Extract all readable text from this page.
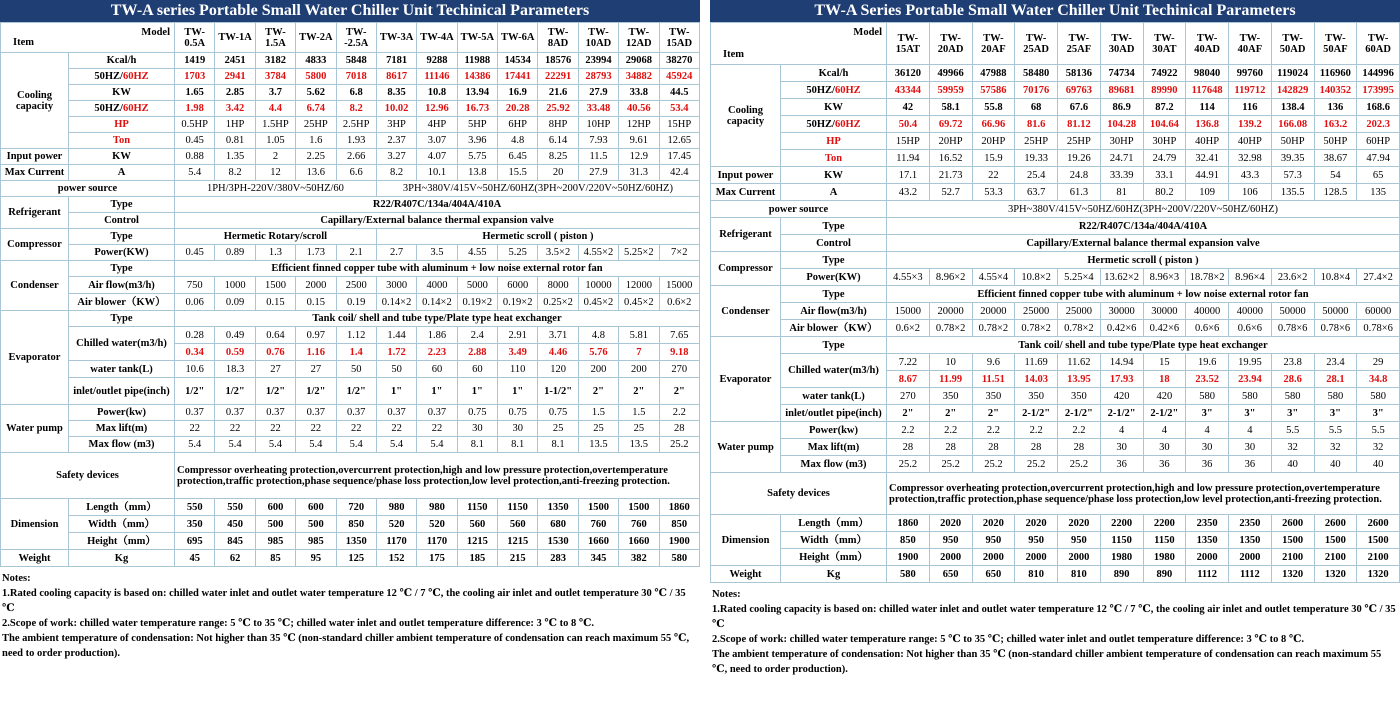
TW-A series Portable Small Water Chiller Unit Techinical Parameters
Item
Model		TW-0.5A	TW-1A	TW-1.5A	TW-2A	TW--2.5A	TW-3A	TW-4A	TW-5A	TW-6A	TW-8AD	TW-10AD	TW-12AD	TW-15AD
Cooling capacity	Kcal/h	1419	2451	3182	4833	5848	7181	9288	11988	14534	18576	23994	29068	38270
	50HZ/60HZ	1703	2941	3784	5800	7018	8617	11146	14386	17441	22291	28793	34882	45924
	KW	1.65	2.85	3.7	5.62	6.8	8.35	10.8	13.94	16.9	21.6	27.9	33.8	44.5
	50HZ/60HZ	1.98	3.42	4.4	6.74	8.2	10.02	12.96	16.73	20.28	25.92	33.48	40.56	53.4
	HP	0.5HP	1HP	1.5HP	25HP	2.5HP	3HP	4HP	5HP	6HP	8HP	10HP	12HP	15HP
	Ton	0.45	0.81	1.05	1.6	1.93	2.37	3.07	3.96	4.8	6.14	7.93	9.61	12.65
Input power	KW	0.88	1.35	2	2.25	2.66	3.27	4.07	5.75	6.45	8.25	11.5	12.9	17.45
Max Current	A	5.4	8.2	12	13.6	6.6	8.2	10.1	13.8	15.5	20	27.9	31.3	42.4
power source		1PH/3PH-220V/380V~50HZ/60					3PH~380V/415V~50HZ/60HZ(3PH~200V/220V~50HZ/60HZ)							
Refrigerant	Type	R22/R407C/134a/404A/410A												
	Control	Capillary/External balance thermal expansion valve												
Compressor	Type	Hermetic Rotary/scroll					Hermetic scroll ( piston )							
	Power(KW)	0.45	0.89	1.3	1.73	2.1	2.7	3.5	4.55	5.25	3.5×2	4.55×2	5.25×2	7×2
Condenser	Type	Efficient finned copper tube with aluminum + low noise external rotor fan												
	Air flow(m3/h)	750	1000	1500	2000	2500	3000	4000	5000	6000	8000	10000	12000	15000
	Air blower（KW）	0.06	0.09	0.15	0.15	0.19	0.14×2	0.14×2	0.19×2	0.19×2	0.25×2	0.45×2	0.45×2	0.6×2
Evaporator	Type	Tank coil/ shell and tube type/Plate type heat exchanger												
	Chilled water(m3/h)	0.28	0.49	0.64	0.97	1.12	1.44	1.86	2.4	2.91	3.71	4.8	5.81	7.65
		0.34	0.59	0.76	1.16	1.4	1.72	2.23	2.88	3.49	4.46	5.76	7	9.18
	water tank(L)	10.6	18.3	27	27	50	50	60	60	110	120	200	200	270
	inlet/outlet pipe(inch)	1/2"	1/2"	1/2"	1/2"	1/2"	1"	1"	1"	1"	1-1/2"	2"	2"	2"
Water pump	Power(kw)	0.37	0.37	0.37	0.37	0.37	0.37	0.37	0.75	0.75	0.75	1.5	1.5	2.2
	Max lift(m)	22	22	22	22	22	22	22	30	30	25	25	25	28
	Max flow (m3)	5.4	5.4	5.4	5.4	5.4	5.4	5.4	8.1	8.1	8.1	13.5	13.5	25.2
Safety devices		Compressor overheating protection,overcurrent protection,high and low pressure protection,overtemperature protection,traffic protection,phase sequence/phase loss protection,low level protection,anti-freezing protection.												
Dimension	Length（mm）	550	550	600	600	720	980	980	1150	1150	1350	1500	1500	1860
	Width（mm）	350	450	500	500	850	520	520	560	560	680	760	760	850
	Height（mm）	695	845	985	985	1350	1170	1170	1215	1215	1530	1660	1660	1900
Weight	Kg	45	62	85	95	125	152	175	185	215	283	345	382	580
Notes:
1.Rated cooling capacity is based on: chilled water inlet and outlet water temperature 12 ℃ / 7 ℃, the cooling air inlet and outlet temperature 30 ℃ / 35 ℃
2.Scope of work: chilled water temperature range: 5 ℃ to 35 ℃; chilled water inlet and outlet temperature difference: 3 ℃ to 8 ℃.
The ambient temperature of condensation: Not higher than 35 ℃ (non-standard chiller ambient temperature of condensation can reach maximum 55 ℃, need to order production).
TW-A Series Portable Small Water Chiller Unit Techinical Parameters
Item
Model		TW-15AT	TW-20AD	TW-20AF	TW-25AD	TW-25AF	TW-30AD	TW-30AT	TW-40AD	TW-40AF	TW-50AD	TW-50AF	TW-60AD
Cooling capacity	Kcal/h	36120	49966	47988	58480	58136	74734	74922	98040	99760	119024	116960	144996
	50HZ/60HZ	43344	59959	57586	70176	69763	89681	89990	117648	119712	142829	140352	173995
	KW	42	58.1	55.8	68	67.6	86.9	87.2	114	116	138.4	136	168.6
	50HZ/60HZ	50.4	69.72	66.96	81.6	81.12	104.28	104.64	136.8	139.2	166.08	163.2	202.3
	HP	15HP	20HP	20HP	25HP	25HP	30HP	30HP	40HP	40HP	50HP	50HP	60HP
	Ton	11.94	16.52	15.9	19.33	19.26	24.71	24.79	32.41	32.98	39.35	38.67	47.94
Input power	KW	17.1	21.73	22	25.4	24.8	33.39	33.1	44.91	43.3	57.3	54	65
Max Current	A	43.2	52.7	53.3	63.7	61.3	81	80.2	109	106	135.5	128.5	135
power source		3PH~380V/415V~50HZ/60HZ(3PH~200V/220V~50HZ/60HZ)											
Refrigerant	Type	R22/R407C/134a/404A/410A											
	Control	Capillary/External balance thermal expansion valve											
Compressor	Type	Hermetic scroll ( piston )											
	Power(KW)	4.55×3	8.96×2	4.55×4	10.8×2	5.25×4	13.62×2	8.96×3	18.78×2	8.96×4	23.6×2	10.8×4	27.4×2
Condenser	Type	Efficient finned copper tube with aluminum + low noise external rotor fan											
	Air flow(m3/h)	15000	20000	20000	25000	25000	30000	30000	40000	40000	50000	50000	60000
	Air blower（KW）	0.6×2	0.78×2	0.78×2	0.78×2	0.78×2	0.42×6	0.42×6	0.6×6	0.6×6	0.78×6	0.78×6	0.78×6
Evaporator	Type	Tank coil/ shell and tube type/Plate type heat exchanger											
	Chilled water(m3/h)	7.22	10	9.6	11.69	11.62	14.94	15	19.6	19.95	23.8	23.4	29
		8.67	11.99	11.51	14.03	13.95	17.93	18	23.52	23.94	28.6	28.1	34.8
	water tank(L)	270	350	350	350	350	420	420	580	580	580	580	580
	inlet/outlet pipe(inch)	2"	2"	2"	2-1/2"	2-1/2"	2-1/2"	2-1/2"	3"	3"	3"	3"	3"
Water pump	Power(kw)	2.2	2.2	2.2	2.2	2.2	4	4	4	4	5.5	5.5	5.5
	Max lift(m)	28	28	28	28	28	30	30	30	30	32	32	32
	Max flow (m3)	25.2	25.2	25.2	25.2	25.2	36	36	36	36	40	40	40
Safety devices		Compressor overheating protection,overcurrent protection,high and low pressure protection,overtemperature protection,traffic protection,phase sequence/phase loss protection,low level protection,anti-freezing protection.											
Dimension	Length（mm）	1860	2020	2020	2020	2020	2200	2200	2350	2350	2600	2600	2600
	Width（mm）	850	950	950	950	950	1150	1150	1350	1350	1500	1500	1500
	Height（mm）	1900	2000	2000	2000	2000	1980	1980	2000	2000	2100	2100	2100
Weight	Kg	580	650	650	810	810	890	890	1112	1112	1320	1320	1320
Notes:
1.Rated cooling capacity is based on: chilled water inlet and outlet water temperature 12 ℃ / 7 ℃, the cooling air inlet and outlet temperature 30 ℃ / 35 ℃
2.Scope of work: chilled water temperature range: 5 ℃ to 35 ℃; chilled water inlet and outlet temperature difference: 3 ℃ to 8 ℃.
The ambient temperature of condensation: Not higher than 35 ℃ (non-standard chiller ambient temperature of condensation can reach maximum 55 ℃, need to order production).
